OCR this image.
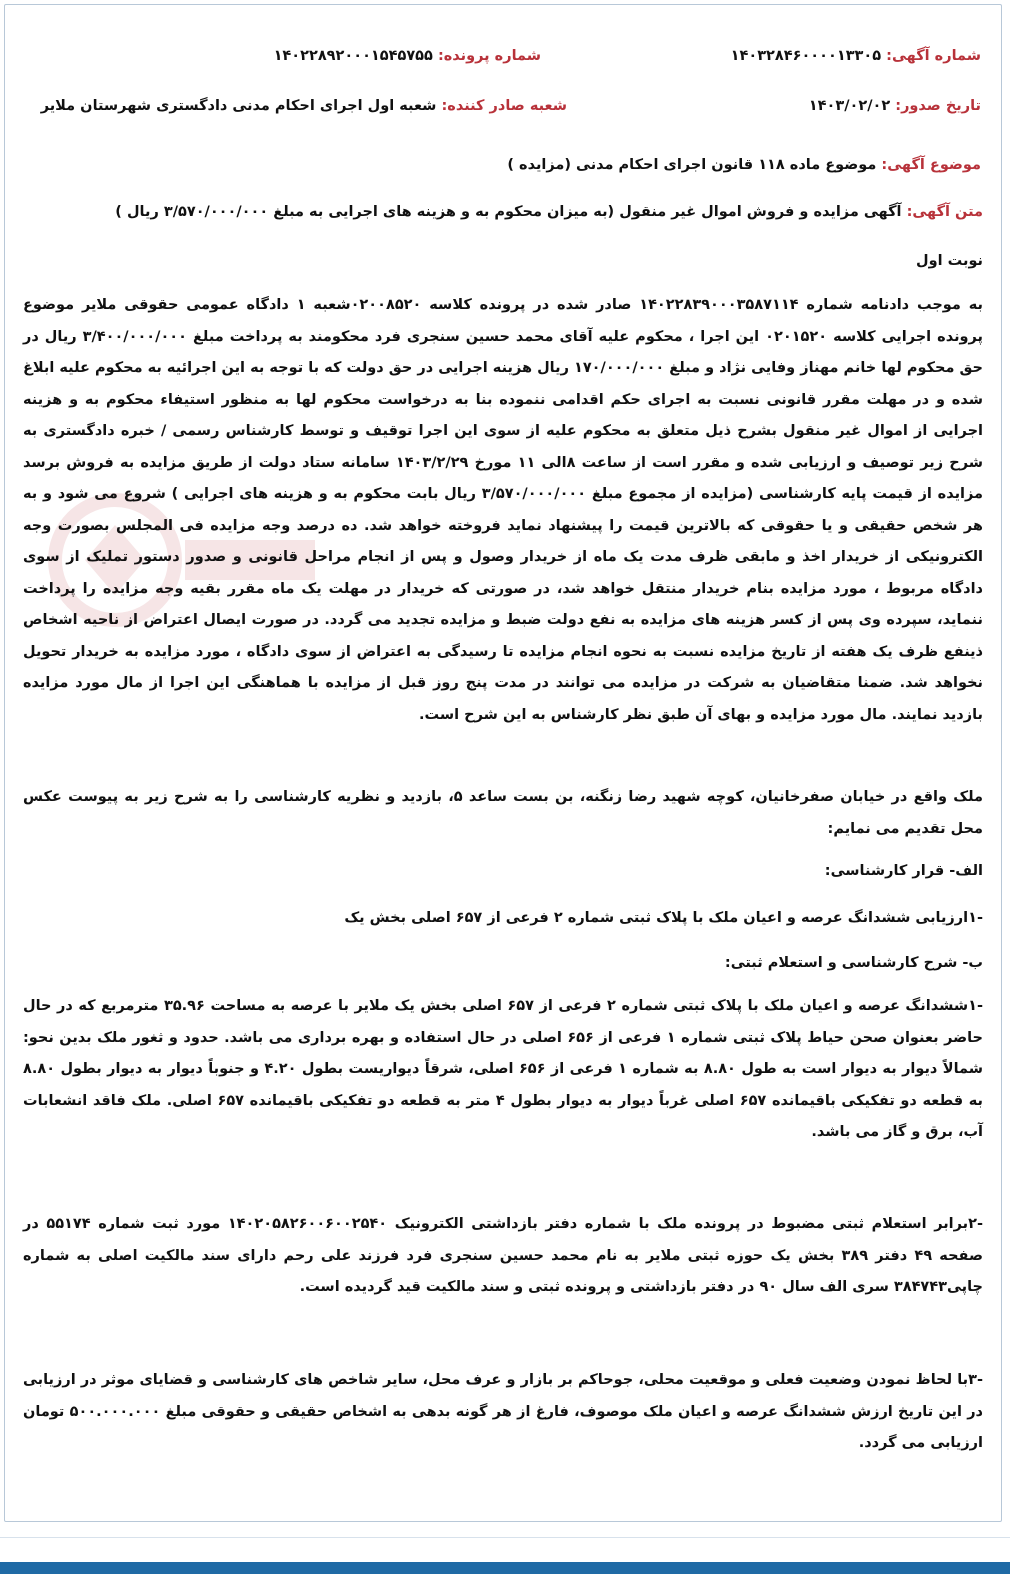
شماره آگهی: ۱۴۰۳۲۸۴۶۰۰۰۰۱۳۳۰۵
شماره پرونده: ۱۴۰۲۲۸۹۲۰۰۰۱۵۴۵۷۵۵
تاریخ صدور: ۱۴۰۳/۰۲/۰۲
شعبه صادر کننده: شعبه اول اجرای احکام مدنی دادگستری شهرستان ملایر
موضوع آگهی: موضوع ماده ۱۱۸ قانون اجرای احکام مدنی (مزایده )
متن آگهی: آگهی مزایده و فروش اموال غیر منقول (به میزان محکوم به و هزینه های اجرایی به مبلغ ۳/۵۷۰/۰۰۰/۰۰۰ ریال )
نوبت اول
به موجب دادنامه شماره ۱۴۰۲۲۸۳۹۰۰۰۳۵۸۷۱۱۴ صادر شده در پرونده کلاسه ۰۲۰۰۸۵۲۰شعبه ۱ دادگاه عمومی حقوقی ملایر موضوع پرونده اجرایی کلاسه ۰۲۰۱۵۲۰ این اجرا ، محکوم علیه آقای محمد حسین سنجری فرد محکومند به پرداخت مبلغ ۳/۴۰۰/۰۰۰/۰۰۰ ریال در حق محکوم لها خانم مهناز وفایی نژاد و مبلغ ۱۷۰/۰۰۰/۰۰۰ ریال هزینه اجرایی در حق دولت که با توجه به این اجرائیه به محکوم علیه ابلاغ شده و در مهلت مقرر قانونی نسبت به اجرای حکم اقدامی ننموده بنا به درخواست محکوم لها به منظور استیفاء محکوم به و هزینه اجرایی از اموال غیر منقول بشرح ذیل متعلق به محکوم علیه از سوی این اجرا توقیف و توسط کارشناس رسمی / خبره دادگستری به شرح زیر توصیف و ارزیابی شده و مقرر است از ساعت ۸الی ۱۱ مورخ ۱۴۰۳/۲/۲۹ سامانه ستاد دولت از طریق مزایده به فروش برسد مزایده از قیمت پایه کارشناسی (مزایده از مجموع مبلغ ۳/۵۷۰/۰۰۰/۰۰۰ ریال بابت محکوم به و هزینه های اجرایی ) شروع می شود و به هر شخص حقیقی و یا حقوقی که بالاترین قیمت را پیشنهاد نماید فروخته خواهد شد. ده درصد وجه مزایده فی المجلس بصورت وجه الکترونیکی از خریدار اخذ و مابقی ظرف مدت یک ماه از خریدار وصول و پس از انجام مراحل قانونی و صدور دستور تملیک از سوی دادگاه مربوط ، مورد مزایده بنام خریدار منتقل خواهد شد، در صورتی که خریدار در مهلت یک ماه مقرر بقیه وجه مزایده را پرداخت ننماید، سپرده وی پس از کسر هزینه های مزایده به نفع دولت ضبط و مزایده تجدید می گردد. در صورت ایصال اعتراض از ناحیه اشخاص ذینفع ظرف یک هفته از تاریخ مزایده نسبت به نحوه انجام مزایده تا رسیدگی به اعتراض از سوی دادگاه ، مورد مزایده به خریدار تحویل نخواهد شد. ضمنا متقاضیان به شرکت در مزایده می توانند در مدت پنج روز قبل از مزایده با هماهنگی این اجرا از مال مورد مزایده بازدید نمایند. مال مورد مزایده و بهای آن طبق نظر کارشناس به این شرح است.
ملک واقع در خیابان صفرخانیان، کوچه شهید رضا زنگنه، بن بست ساعد ۵، بازدید و نظریه کارشناسی را به شرح زیر به پیوست عکس محل تقدیم می نمایم:
الف- قرار کارشناسی:
-۱ارزیابی ششدانگ عرصه و اعیان ملک با پلاک ثبتی شماره ۲ فرعی از ۶۵۷ اصلی بخش یک
ب- شرح کارشناسی و استعلام ثبتی:
-۱ششدانگ عرصه و اعیان ملک با پلاک ثبتی شماره ۲ فرعی از ۶۵۷ اصلی بخش یک ملایر با عرصه به مساحت ۳۵.۹۶ مترمربع که در حال حاضر بعنوان صحن حیاط پلاک ثبتی شماره ۱ فرعی از ۶۵۶ اصلی در حال استفاده و بهره برداری می باشد. حدود و ثغور ملک بدین نحو: شمالاً دیوار به دیوار است به طول ۸.۸۰ به شماره ۱ فرعی از ۶۵۶ اصلی، شرقاً دیواریست بطول ۴.۲۰ و جنوباً دیوار به دیوار بطول ۸.۸۰ به قطعه دو تفکیکی باقیمانده ۶۵۷ اصلی غرباً دیوار به دیوار بطول ۴ متر به قطعه دو تفکیکی باقیمانده ۶۵۷ اصلی. ملک فاقد انشعابات آب، برق و گاز می باشد.
-۲برابر استعلام ثبتی مضبوط در پرونده ملک با شماره دفتر بازداشتی الکترونیک ۱۴۰۲۰۵۸۲۶۰۰۶۰۰۲۵۴۰ مورد ثبت شماره ۵۵۱۷۴ در صفحه ۴۹ دفتر ۳۸۹ بخش یک حوزه ثبتی ملایر به نام محمد حسین سنجری فرد فرزند علی رحم دارای سند مالکیت اصلی به شماره چاپی۳۸۴۷۴۳ سری الف سال ۹۰ در دفتر بازداشتی و پرونده ثبتی و سند مالکیت قید گردیده است.
-۳با لحاظ نمودن وضعیت فعلی و موقعیت محلی، جوحاکم بر بازار و عرف محل، سایر شاخص های کارشناسی و قضایای موثر در ارزیابی در این تاریخ ارزش ششدانگ عرصه و اعیان ملک موصوف، فارغ از هر گونه بدهی به اشخاص حقیقی و حقوقی مبلغ ۵۰۰.۰۰۰.۰۰۰ تومان ارزیابی می گردد.
